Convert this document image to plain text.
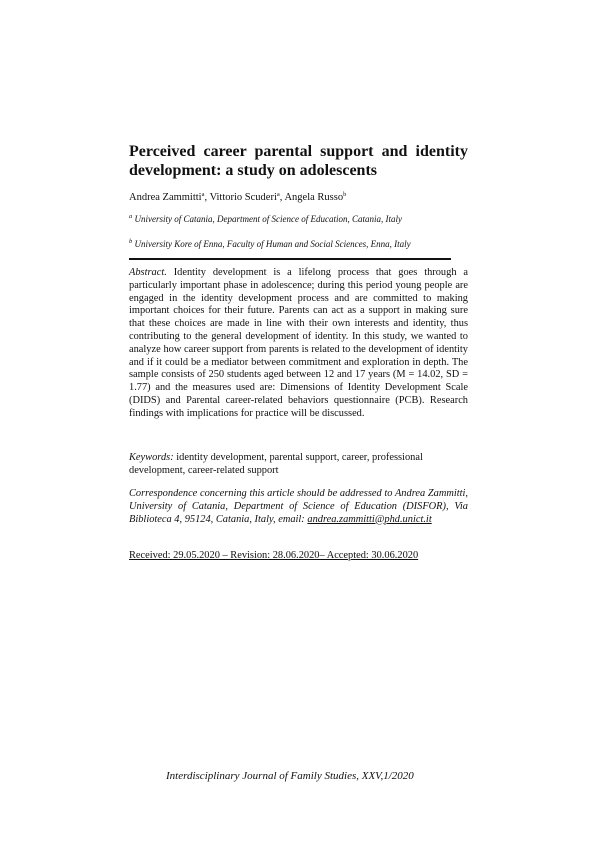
Perceived career parental support and identity development: a study on adolescents
Andrea Zammitti$^a$, Vittorio Scuderi$^a$, Angela Russo$^b$
$^a$ University of Catania, Department of Science of Education, Catania, Italy
$^b$ University Kore of Enna, Faculty of Human and Social Sciences, Enna, Italy

Abstract. Identity development is a lifelong process that goes through a particularly important phase in adolescence; during this period young people are engaged in the identity development process and are committed to making important choices for their future. Parents can act as a support in making sure that these choices are made in line with their own interests and identity, thus contributing to the general development of identity. In this study, we wanted to analyze how career support from parents is related to the development of identity and if it could be a mediator between commitment and exploration in depth. The sample consists of 250 students aged between 12 and 17 years (M = 14.02, SD = 1.77) and the measures used are: Dimensions of Identity Development Scale (DIDS) and Parental career-related behaviors questionnaire (PCB). Research findings with implications for practice will be discussed.

Keywords: identity development, parental support, career, professional development, career-related support

Correspondence concerning this article should be addressed to Andrea Zammitti, University of Catania, Department of Science of Education (DISFOR), Via Biblioteca 4, 95124, Catania, Italy, email: andrea.zammitti@phd.unict.it

Received: 29.05.2020 – Revision: 28.06.2020– Accepted: 30.06.2020

Interdisciplinary Journal of Family Studies, XXV,1/2020
